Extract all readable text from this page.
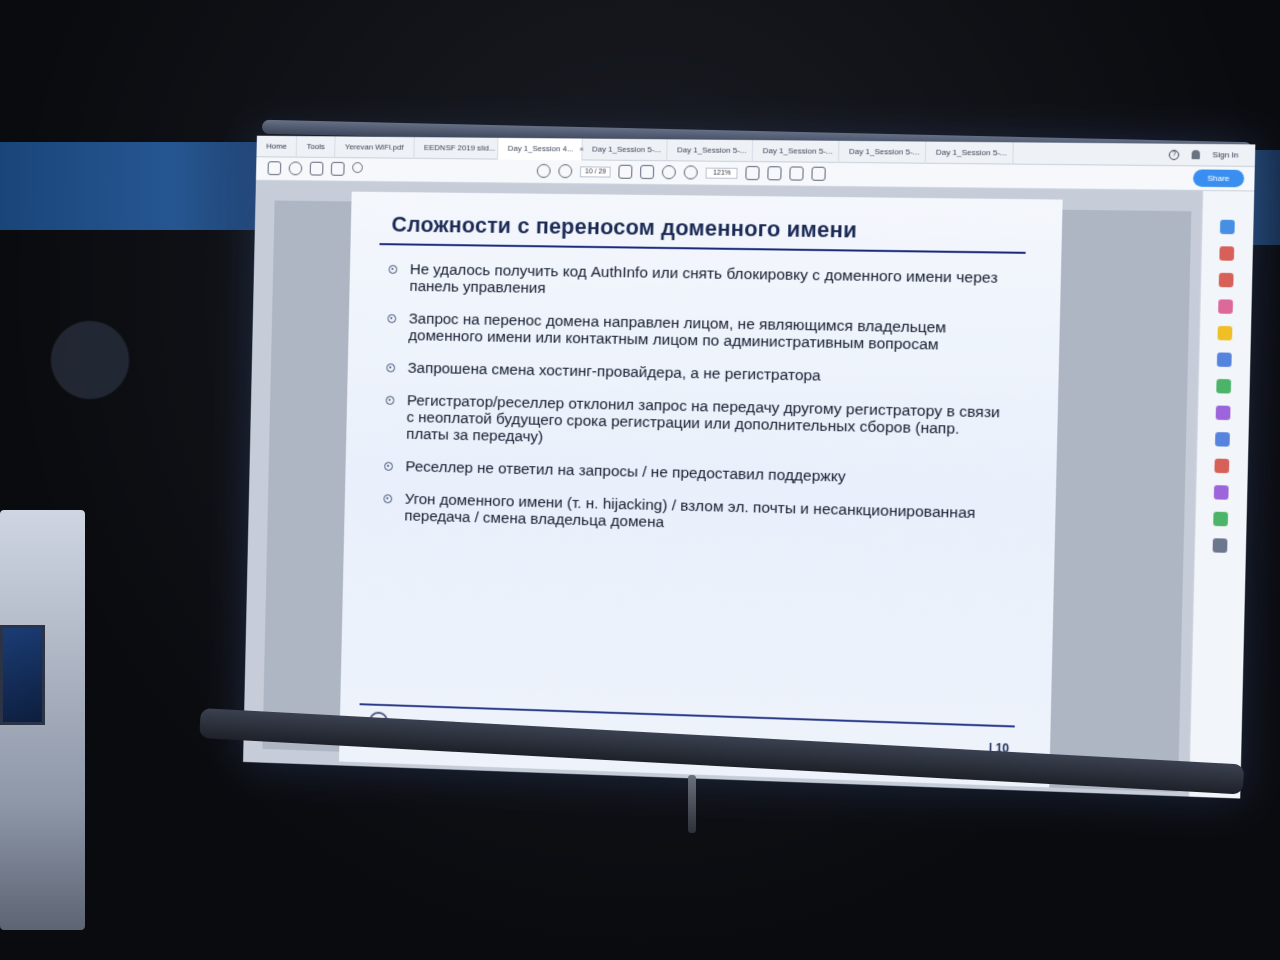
Home	Tools	Yerevan WiFi.pdf	EEDNSF 2019 slid...	Day 1_Session 4... × Day 1_Session 5-...	Day 1_Session 5-...	Day 1_Session 5-...	Day 1_Session 5-...	Day 1_Session 5-...	?	Sign In
10 / 29	121%
Share
Сложности с переносом доменного имени
Не удалось получить код AuthInfo или снять блокировку с доменного имени через панель управления
Запрос на перенос домена направлен лицом, не являющимся владельцем доменного имени или контактным лицом по административным вопросам
Запрошена смена хостинг-провайдера, а не регистратора
Регистратор/реселлер отклонил запрос на передачу другому регистратору в связи с неоплатой будущего срока регистрации или дополнительных сборов (напр. платы за передачу)
Реселлер не ответил на запросы / не предоставил поддержку
Угон доменного имени (т. н. hijacking) / взлом эл. почты и несанкционированная передача / смена владельца домена
| 10
